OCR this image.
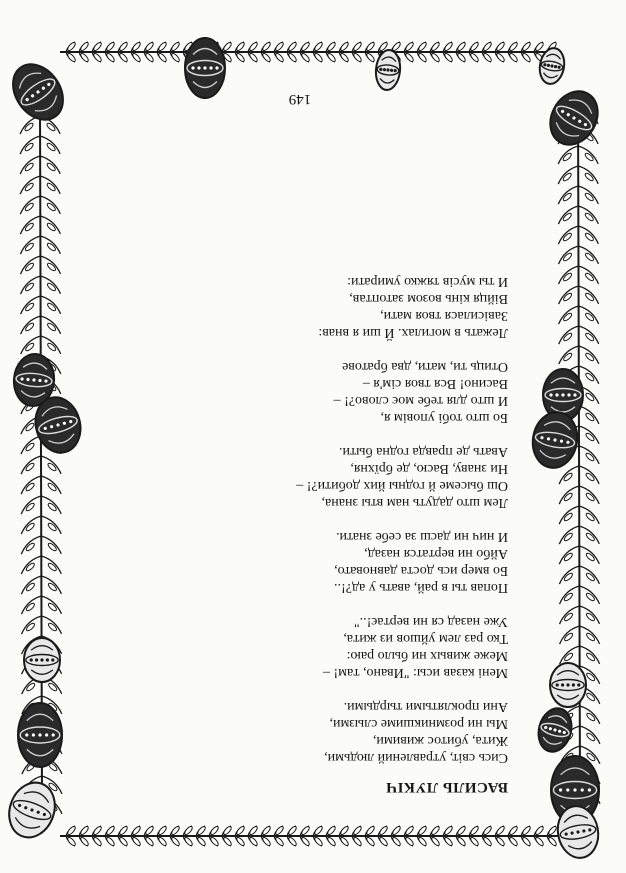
ВАСИЛЬ ЛУКІЧ
Сись світ, утравлений людьми,
Жита, убитос живими,
Мы ни розмникшиме слызми,
Ани проклятыми тырдыми.
Мені казав исы: "Ивано, там! –
Меже живых ни было раю:
Тко раз лем уйшов из жита,
Уже назад ся ни вертає!.."
Попав ты в рай, авать у ад?!..
Бо вмер ись доста давновато,
Айбо ни вертатся назад,
И нич ни дасш за себе знати.
Лем што дадуть нам вты знана,
Ош бысеме й годны йих добити?! –
Ни знаву, Васю, де брїхня,
Авать де правда годна быти.
Бо што тобі уповім я,
И што для тебе моє слово?! –
Васино! Вся твоя сім'я –
Отиць ти, мати, два братове
Лежать в могилах. Й ши я внав:
Завісилася твоя мати,
Війця кінь возом затоптав,
И ты мусів тяжко умирати:
149
